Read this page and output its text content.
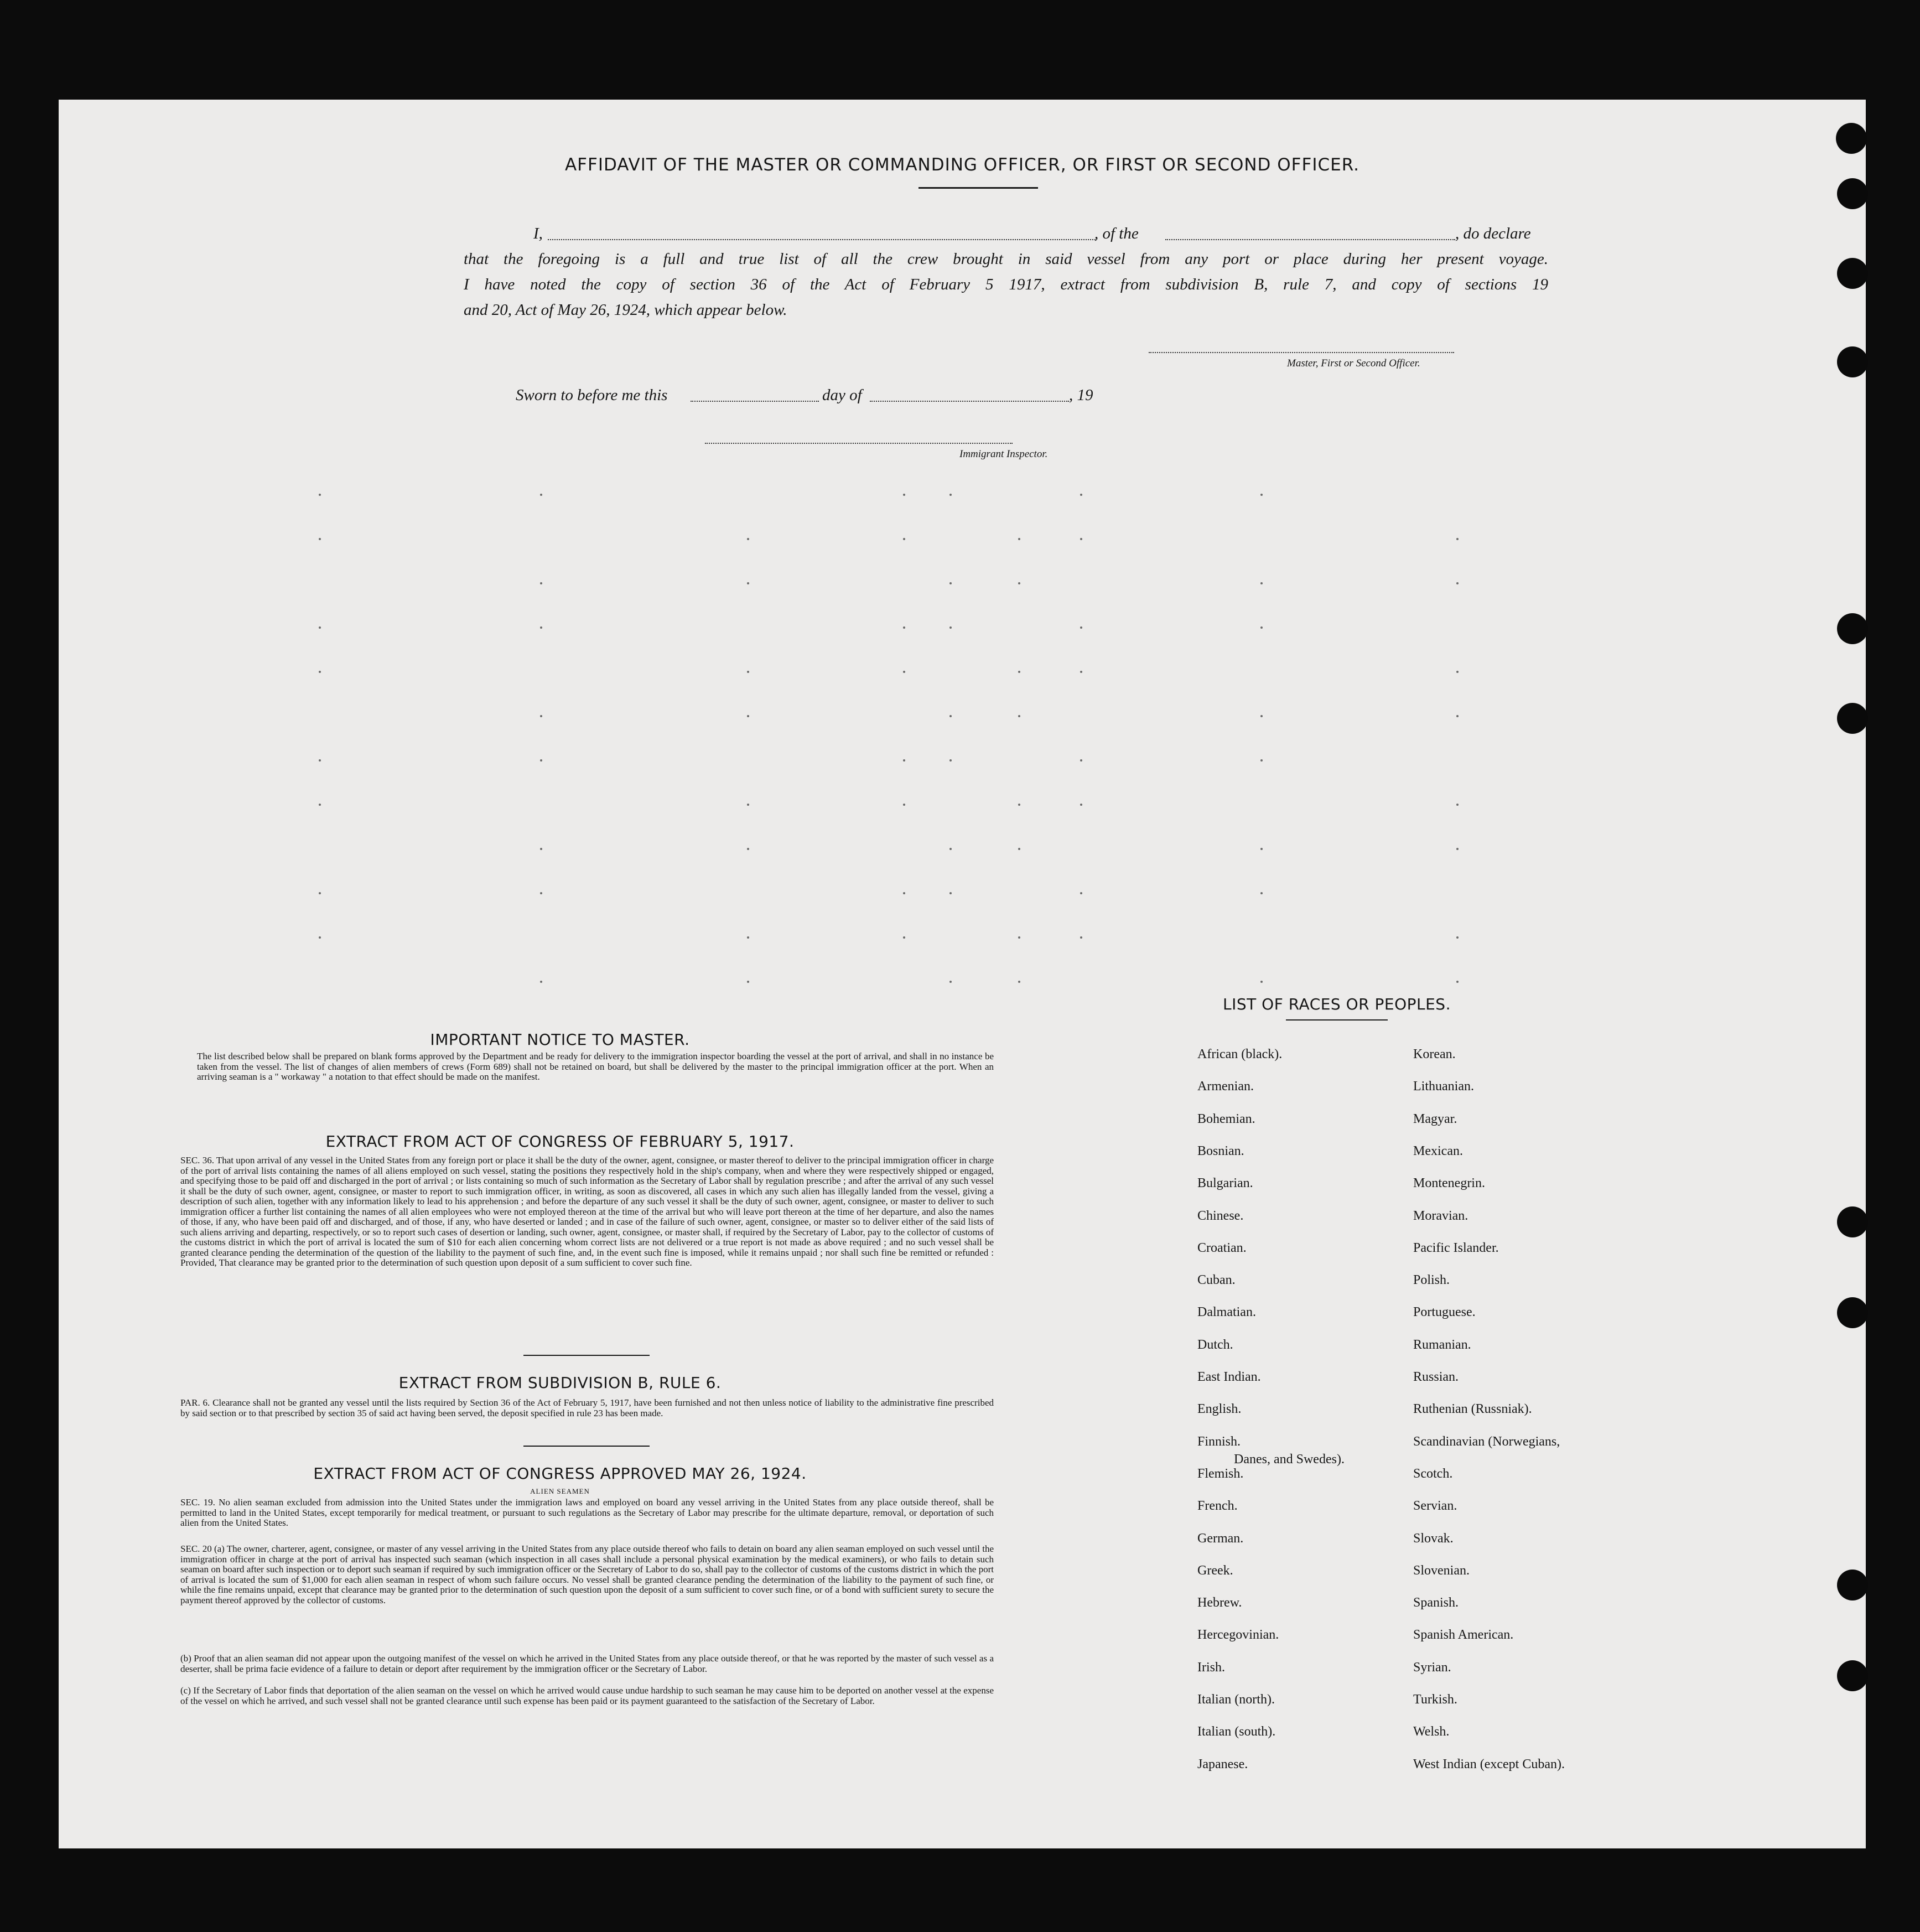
AFFIDAVIT OF THE MASTER OR COMMANDING OFFICER, OR FIRST OR SECOND OFFICER.
I,	, of the	, do declare
that the foregoing is a full and true list of all the crew brought in said vessel from any port or place during her present voyage.
I have noted the copy of section 36 of the Act of February 5 1917, extract from subdivision B, rule 7, and copy of sections 19
and 20, Act of May 26, 1924, which appear below.
Master, First or Second Officer.
Sworn to before me this	day of	, 19
Immigrant Inspector.
IMPORTANT NOTICE TO MASTER.
The list described below shall be prepared on blank forms approved by the Department and be ready for delivery to the immigration inspector boarding the vessel at the port of arrival, and shall in no instance be taken from the vessel. The list of changes of alien members of crews (Form 689) shall not be retained on board, but shall be delivered by the master to the principal immigration officer at the port. When an arriving seaman is a " workaway " a notation to that effect should be made on the manifest.
EXTRACT FROM ACT OF CONGRESS OF FEBRUARY 5, 1917.
SEC. 36. That upon arrival of any vessel in the United States from any foreign port or place it shall be the duty of the owner, agent, consignee, or master thereof to deliver to the principal immigration officer in charge of the port of arrival lists containing the names of all aliens employed on such vessel, stating the positions they respectively hold in the ship's company, when and where they were respectively shipped or engaged, and specifying those to be paid off and discharged in the port of arrival ; or lists containing so much of such information as the Secretary of Labor shall by regulation prescribe ; and after the arrival of any such vessel it shall be the duty of such owner, agent, consignee, or master to report to such immigration officer, in writing, as soon as discovered, all cases in which any such alien has illegally landed from the vessel, giving a description of such alien, together with any information likely to lead to his apprehension ; and before the departure of any such vessel it shall be the duty of such owner, agent, consignee, or master to deliver to such immigration officer a further list containing the names of all alien employees who were not employed thereon at the time of the arrival but who will leave port thereon at the time of her departure, and also the names of those, if any, who have been paid off and discharged, and of those, if any, who have deserted or landed ; and in case of the failure of such owner, agent, consignee, or master so to deliver either of the said lists of such aliens arriving and departing, respectively, or so to report such cases of desertion or landing, such owner, agent, consignee, or master shall, if required by the Secretary of Labor, pay to the collector of customs of the customs district in which the port of arrival is located the sum of $10 for each alien concerning whom correct lists are not delivered or a true report is not made as above required ; and no such vessel shall be granted clearance pending the determination of the question of the liability to the payment of such fine, and, in the event such fine is imposed, while it remains unpaid ; nor shall such fine be remitted or refunded : Provided, That clearance may be granted prior to the determination of such question upon deposit of a sum sufficient to cover such fine.
EXTRACT FROM SUBDIVISION B, RULE 6.
PAR. 6. Clearance shall not be granted any vessel until the lists required by Section 36 of the Act of February 5, 1917, have been furnished and not then unless notice of liability to the administrative fine prescribed by said section or to that prescribed by section 35 of said act having been served, the deposit specified in rule 23 has been made.
EXTRACT FROM ACT OF CONGRESS APPROVED MAY 26, 1924.
ALIEN SEAMEN
SEC. 19. No alien seaman excluded from admission into the United States under the immigration laws and employed on board any vessel arriving in the United States from any place outside thereof, shall be permitted to land in the United States, except temporarily for medical treatment, or pursuant to such regulations as the Secretary of Labor may prescribe for the ultimate departure, removal, or deportation of such alien from the United States.
SEC. 20 (a) The owner, charterer, agent, consignee, or master of any vessel arriving in the United States from any place outside thereof who fails to detain on board any alien seaman employed on such vessel until the immigration officer in charge at the port of arrival has inspected such seaman (which inspection in all cases shall include a personal physical examination by the medical examiners), or who fails to detain such seaman on board after such inspection or to deport such seaman if required by such immigration officer or the Secretary of Labor to do so, shall pay to the collector of customs of the customs district in which the port of arrival is located the sum of $1,000 for each alien seaman in respect of whom such failure occurs. No vessel shall be granted clearance pending the determination of the liability to the payment of such fine, or while the fine remains unpaid, except that clearance may be granted prior to the determination of such question upon the deposit of a sum sufficient to cover such fine, or of a bond with sufficient surety to secure the payment thereof approved by the collector of customs.
(b) Proof that an alien seaman did not appear upon the outgoing manifest of the vessel on which he arrived in the United States from any place outside thereof, or that he was reported by the master of such vessel as a deserter, shall be prima facie evidence of a failure to detain or deport after requirement by the immigration officer or the Secretary of Labor.
(c) If the Secretary of Labor finds that deportation of the alien seaman on the vessel on which he arrived would cause undue hardship to such seaman he may cause him to be deported on another vessel at the expense of the vessel on which he arrived, and such vessel shall not be granted clearance until such expense has been paid or its payment guaranteed to the satisfaction of the Secretary of Labor.
LIST OF RACES OR PEOPLES.
African (black).
Armenian.
Bohemian.
Bosnian.
Bulgarian.
Chinese.
Croatian.
Cuban.
Dalmatian.
Dutch.
East Indian.
English.
Finnish.
Flemish.
French.
German.
Greek.
Hebrew.
Hercegovinian.
Irish.
Italian (north).
Italian (south).
Japanese.
Korean.
Lithuanian.
Magyar.
Mexican.
Montenegrin.
Moravian.
Pacific Islander.
Polish.
Portuguese.
Rumanian.
Russian.
Ruthenian (Russniak).
Scandinavian (Norwegians,
Scotch.
Servian.
Slovak.
Slovenian.
Spanish.
Spanish American.
Syrian.
Turkish.
Welsh.
West Indian (except Cuban).
Danes, and Swedes).
